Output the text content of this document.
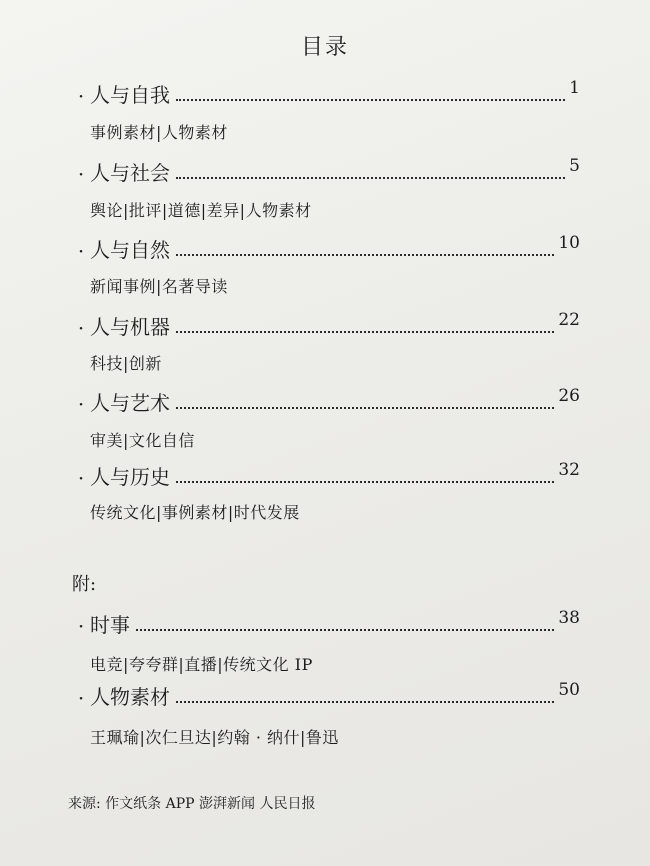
目录
· 人与自我	1
事例素材|人物素材
· 人与社会	5
舆论|批评|道德|差异|人物素材
· 人与自然	10
新闻事例|名著导读
· 人与机器	22
科技|创新
· 人与艺术	26
审美|文化自信
· 人与历史	32
传统文化|事例素材|时代发展
附:
· 时事	38
电竞|夸夸群|直播|传统文化 IP
· 人物素材	50
王珮瑜|次仁旦达|约翰 · 纳什|鲁迅
来源: 作文纸条 APP 澎湃新闻 人民日报
